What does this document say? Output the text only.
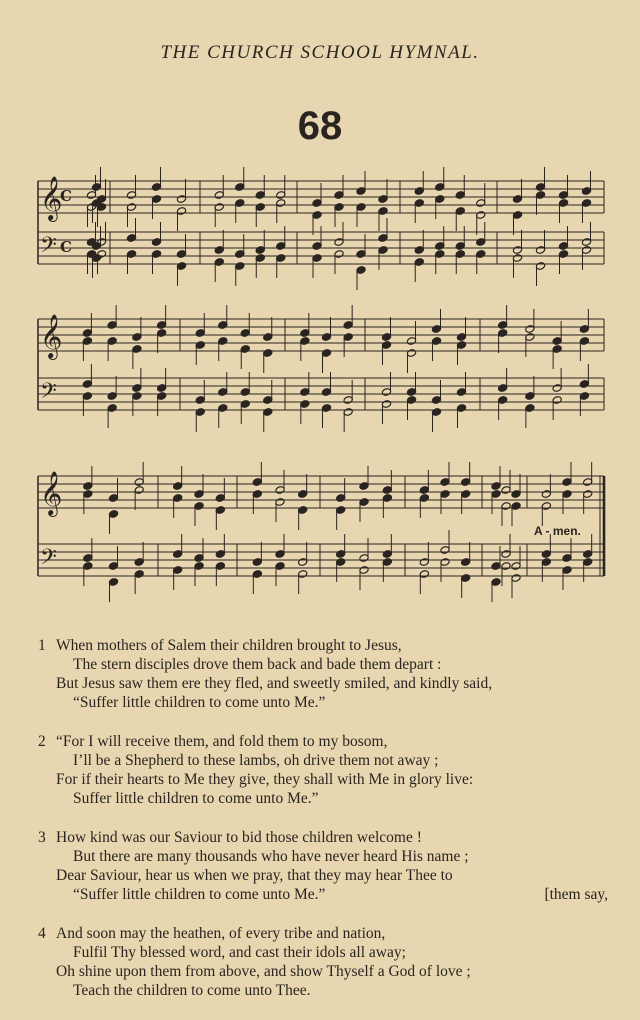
THE CHURCH SCHOOL HYMNAL.
68
𝄞
C
𝄢 C
𝄞
𝄢
𝄞
𝄢
A - men.
1 When mothers of Salem their children brought to Jesus,
The stern disciples drove them back and bade them depart :
But Jesus saw them ere they fled, and sweetly smiled, and kindly said,
“Suffer little children to come unto Me.”
2 “For I will receive them, and fold them to my bosom,
I’ll be a Shepherd to these lambs, oh drive them not away ;
For if their hearts to Me they give, they shall with Me in glory live:
Suffer little children to come unto Me.”
3 How kind was our Saviour to bid those children welcome !
But there are many thousands who have never heard His name ;
Dear Saviour, hear us when we pray, that they may hear Thee to
“Suffer little children to come unto Me.”	[them say,
4 And soon may the heathen, of every tribe and nation,
Fulfil Thy blessed word, and cast their idols all away;
Oh shine upon them from above, and show Thyself a God of love ;
Teach the children to come unto Thee.
